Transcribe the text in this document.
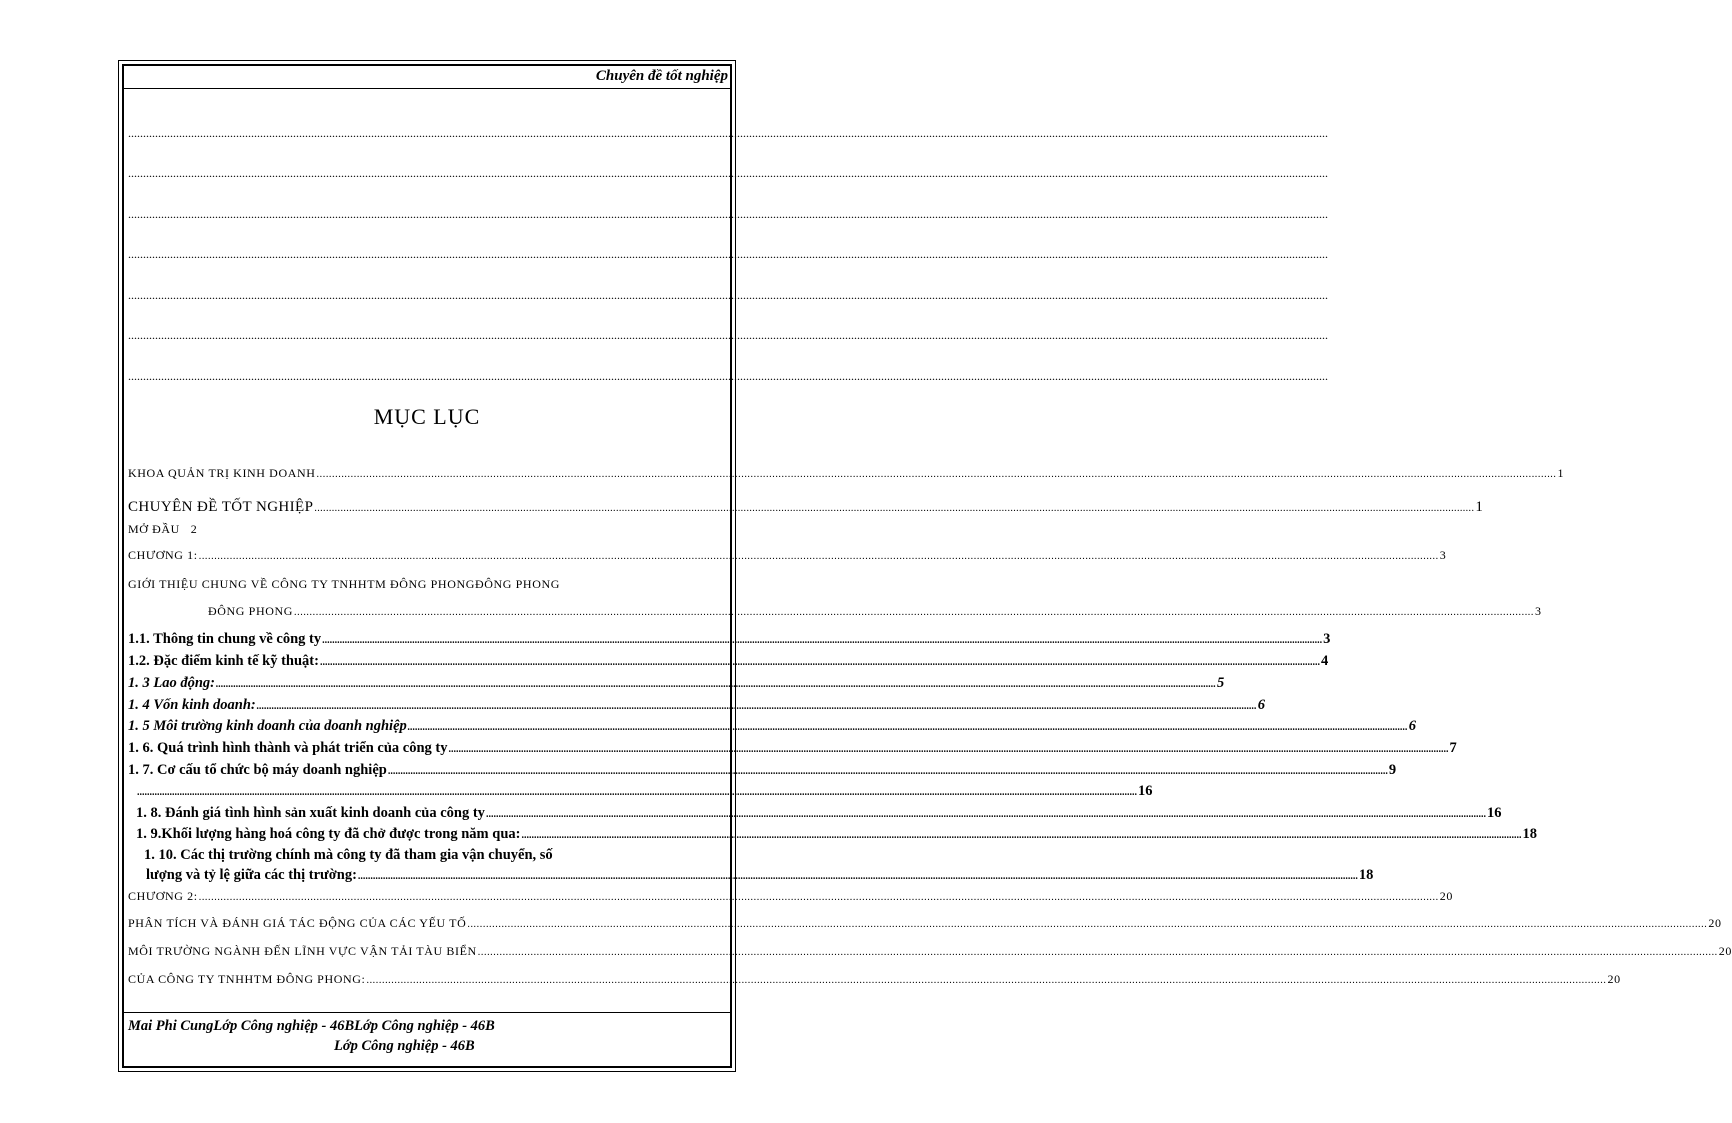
Chuyên đề tốt nghiệp
................................................................................................................................................................................................................................................................................................................................................................................................................
................................................................................................................................................................................................................................................................................................................................................................................................................
................................................................................................................................................................................................................................................................................................................................................................................................................
................................................................................................................................................................................................................................................................................................................................................................................................................
................................................................................................................................................................................................................................................................................................................................................................................................................
................................................................................................................................................................................................................................................................................................................................................................................................................
................................................................................................................................................................................................................................................................................................................................................................................................................
MỤC LỤC
KHOA QUẢN TRỊ KINH DOANH ................................................................................................................................................................................................................................................................................................................................................................................................................ 1
CHUYÊN ĐỀ TỐT NGHIỆP ................................................................................................................................................................................................................................................................................................................................................................................................................ 1
MỞ ĐẦU 2
CHƯƠNG 1: ................................................................................................................................................................................................................................................................................................................................................................................................................ 3
GIỚI THIỆU CHUNG VỀ CÔNG TY TNHHTM ĐÔNG PHONGĐÔNG PHONG
ĐÔNG PHONG ................................................................................................................................................................................................................................................................................................................................................................................................................ 3
1.1. Thông tin chung về công ty ................................................................................................................................................................................................................................................................................................................................................................................................................ 3
1.2. Đặc điểm kinh tế kỹ thuật: ................................................................................................................................................................................................................................................................................................................................................................................................................ 4
1. 3 Lao động: ................................................................................................................................................................................................................................................................................................................................................................................................................ 5
1. 4 Vốn kinh doanh: ................................................................................................................................................................................................................................................................................................................................................................................................................ 6
1. 5 Môi trường kinh doanh của doanh nghiệp ................................................................................................................................................................................................................................................................................................................................................................................................................ 6
1. 6. Quá trình hình thành và phát triển của công ty ................................................................................................................................................................................................................................................................................................................................................................................................................ 7
1. 7. Cơ cấu tổ chức bộ máy doanh nghiệp ................................................................................................................................................................................................................................................................................................................................................................................................................ 9
................................................................................................................................................................................................................................................................................................................................................................................................................ 16
1. 8. Đánh giá tình hình sản xuất kinh doanh của công ty ................................................................................................................................................................................................................................................................................................................................................................................................................ 16
1. 9.Khối lượng hàng hoá công ty đã chở được trong năm qua: ................................................................................................................................................................................................................................................................................................................................................................................................................ 18
1. 10. Các thị trường chính mà công ty đã tham gia vận chuyển, số
lượng và tỷ lệ giữa các thị trường: ................................................................................................................................................................................................................................................................................................................................................................................................................ 18
CHƯƠNG 2: ................................................................................................................................................................................................................................................................................................................................................................................................................ 20
PHÂN TÍCH VÀ ĐÁNH GIÁ TÁC ĐỘNG CỦA CÁC YẾU TỐ ................................................................................................................................................................................................................................................................................................................................................................................................................ 20
MÔI TRƯỜNG NGÀNH ĐẾN LĨNH VỰC VẬN TẢI TÀU BIỂN ................................................................................................................................................................................................................................................................................................................................................................................................................ 20
CỦA CÔNG TY TNHHTM ĐÔNG PHONG: ................................................................................................................................................................................................................................................................................................................................................................................................................ 20
Mai Phi CungLớp Công nghiệp - 46BLớp Công nghiệp - 46B
Lớp Công nghiệp - 46B
